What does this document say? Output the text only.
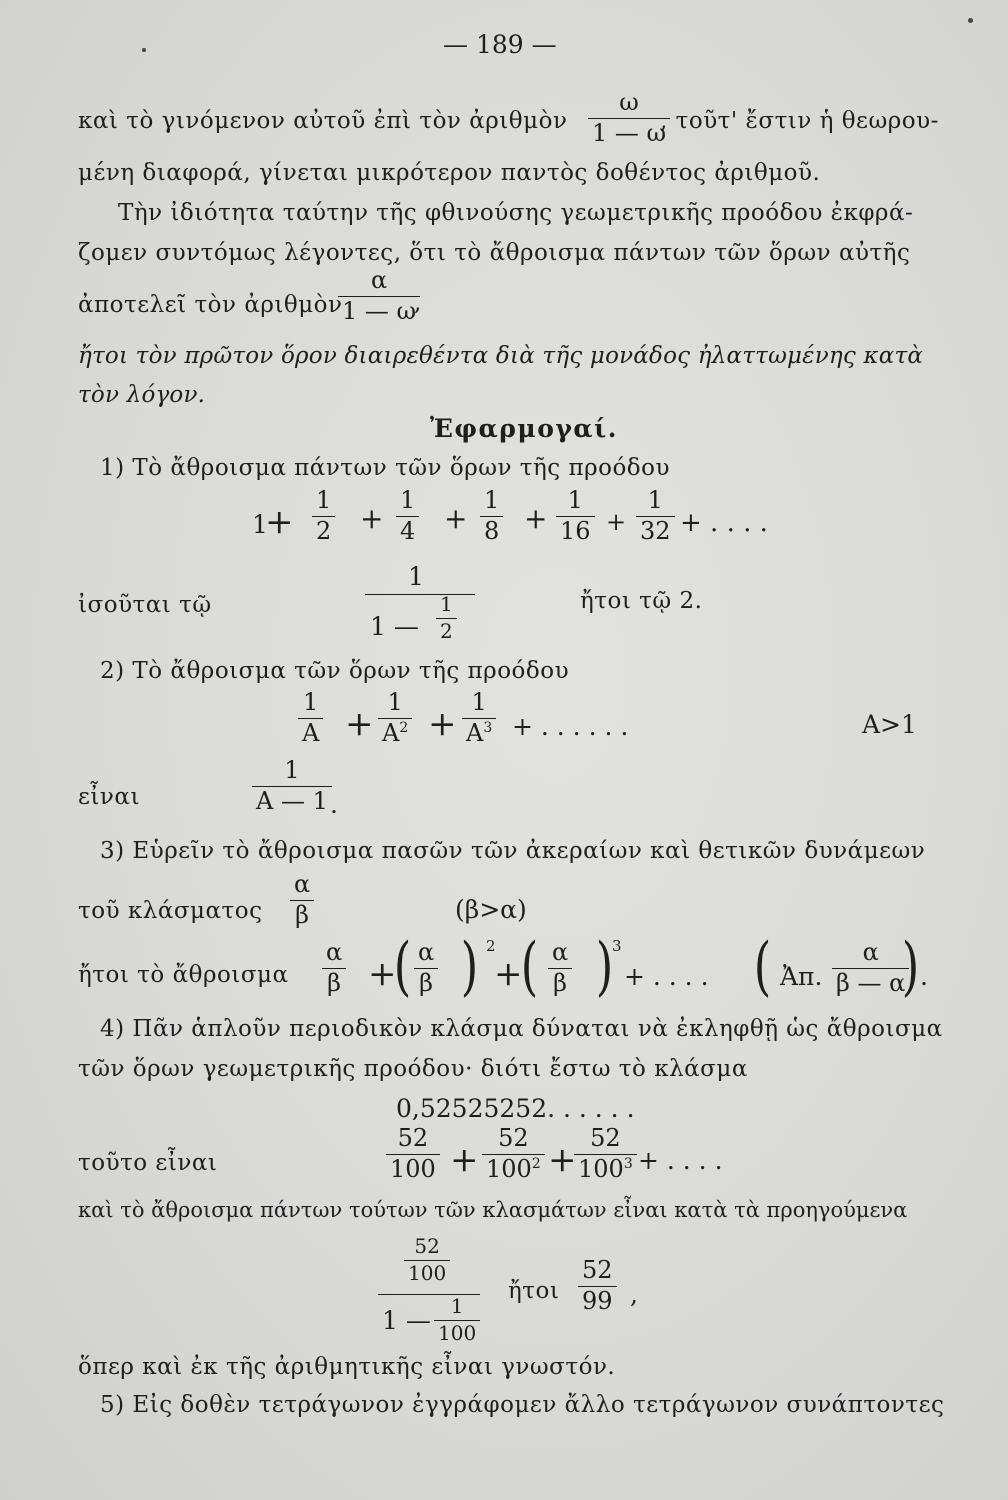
— 189 —
καὶ τὸ γινόμενον αὐτοῦ ἐπὶ τὸν ἀριθμὸν
ω
1 — ω
, τοῦτ' ἔστιν ἡ θεωρου-
μένη διαφορά, γίνεται μικρότερον παντὸς δοθέντος ἀριθμοῦ.
Τὴν ἰδιότητα ταύτην τῆς φθινούσης γεωμετρικῆς προόδου ἐκφρά-
ζομεν συντόμως λέγοντες, ὅτι τὸ ἄθροισμα πάντων τῶν ὅρων αὐτῆς
ἀποτελεῖ τὸν ἀριθμὸν
α
1 — ω
,
ἤτοι τὸν πρῶτον ὅρον διαιρεθέντα διὰ τῆς μονάδος ἠλαττωμένης κατὰ
τὸν λόγον.
Ἐφαρμογαί.
1) Τὸ ἄθροισμα πάντων τῶν ὅρων τῆς προόδου
1
+
1
2 +
1
4 +
1
8 +
1
16 +
1
32 + . . . .
ἰσοῦται τῷ
1
1 —
1
2
ἤτοι τῷ 2.
2) Τὸ ἄθροισμα τῶν ὅρων τῆς προόδου
1
A +
1
$A^2$ +
1
$A^3$ + . . . . . .	A>1
εἶναι
1
A — 1 .
3) Εὑρεῖν τὸ ἄθροισμα πασῶν τῶν ἀκεραίων καὶ θετικῶν δυνάμεων
τοῦ κλάσματος
α
β	(β>α)
ἤτοι τὸ ἄθροισμα
α
β +
( α
β ) 2
+
( α
β )
3
+ . . . . ( Ἀπ.
α
β — α
) .
4) Πᾶν ἁπλοῦν περιοδικὸν κλάσμα δύναται νὰ ἐκληφθῇ ὡς ἄθροισμα
τῶν ὅρων γεωμετρικῆς προόδου· διότι ἔστω τὸ κλάσμα
0,52525252. . . . . .
τοῦτο εἶναι
52
100 +
52
$100^2$ +
52
$100^3$ + . . . .
καὶ τὸ ἄθροισμα πάντων τούτων τῶν κλασμάτων εἶναι κατὰ τὰ προηγούμενα
52
100
1 — 1
100
ἤτοι
52
99 ,
ὅπερ καὶ ἐκ τῆς ἀριθμητικῆς εἶναι γνωστόν.
5) Εἰς δοθὲν τετράγωνον ἐγγράφομεν ἄλλο τετράγωνον συνάπτοντες
